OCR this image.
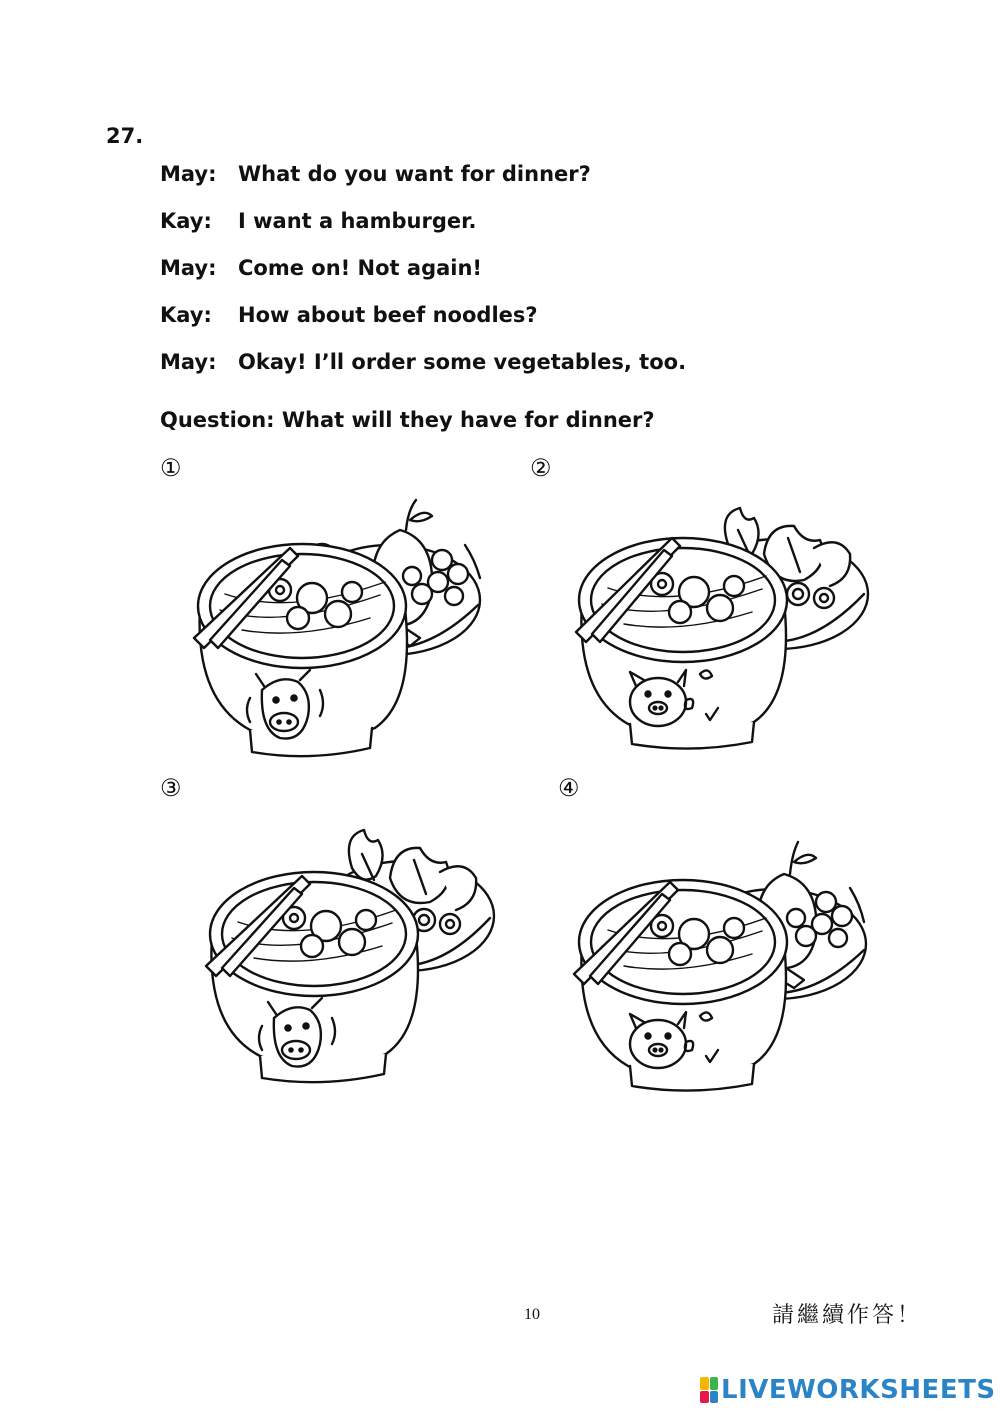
27.
May: What do you want for dinner?
Kay: I want a hamburger.
May: Come on! Not again!
Kay: How about beef noodles?
May: Okay! I’ll order some vegetables, too.
Question: What will they have for dinner?
①	②
③	④
10	請繼續作答！
LIVEWORKSHEETS
